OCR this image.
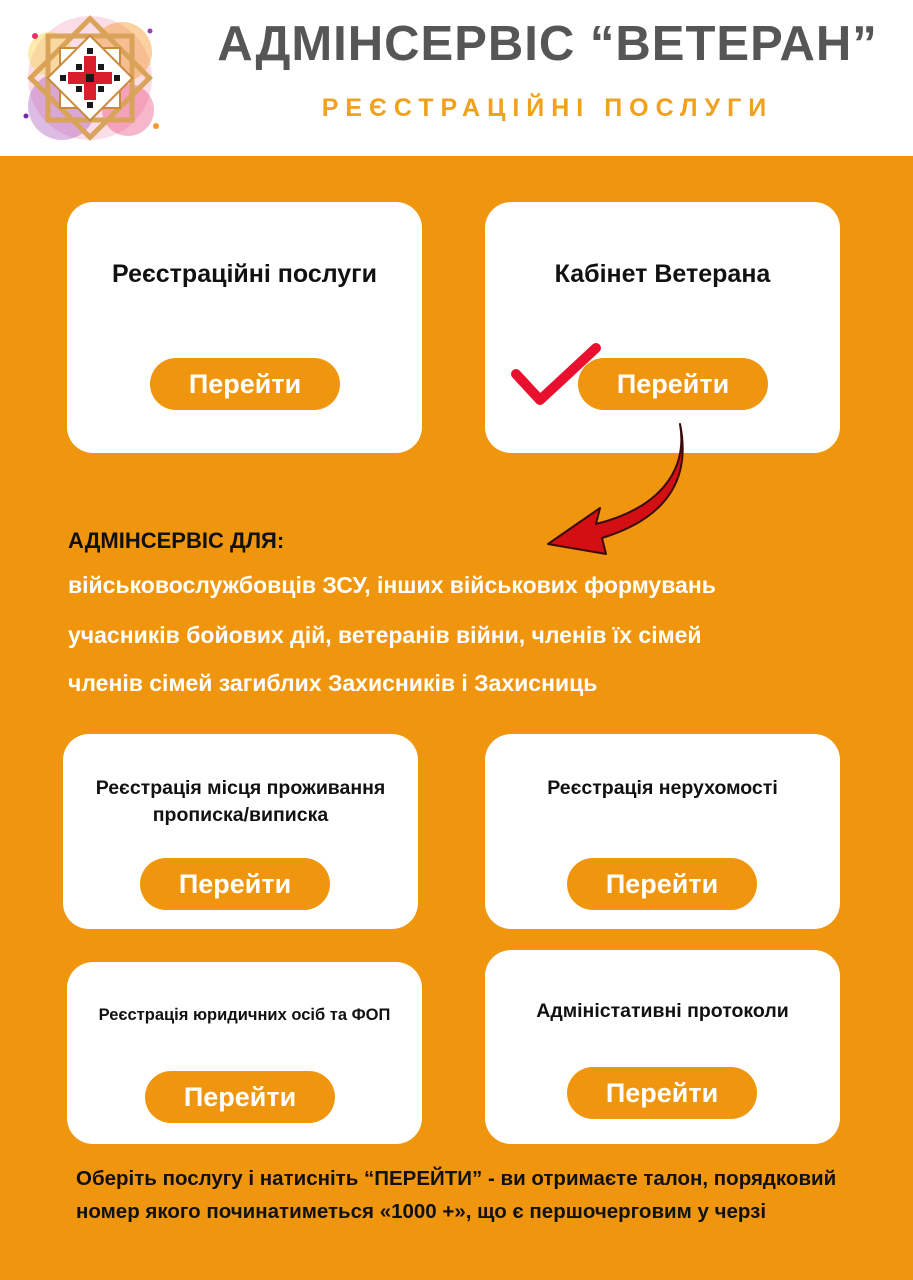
АДМІНСЕРВІС “ВЕТЕРАН”
РЕЄСТРАЦІЙНІ ПОСЛУГИ
Реєстраційні послуги
Перейти
Кабінет Ветерана
Перейти
АДМІНСЕРВІС ДЛЯ:
військовослужбовців ЗСУ, інших військових формувань
учасників бойових дій, ветеранів війни, членів їх сімей
членів сімей загиблих Захисників і Захисниць
Реєстрація місця проживання
прописка/виписка
Перейти
Реєстрація нерухомості
Перейти
Реєстрація юридичних осіб та ФОП
Перейти
Адміністативні протоколи
Перейти
Оберіть послугу і натисніть “ПЕРЕЙТИ” - ви отримаєте талон, порядковий номер якого починатиметься «1000 +», що є першочерговим у черзі
